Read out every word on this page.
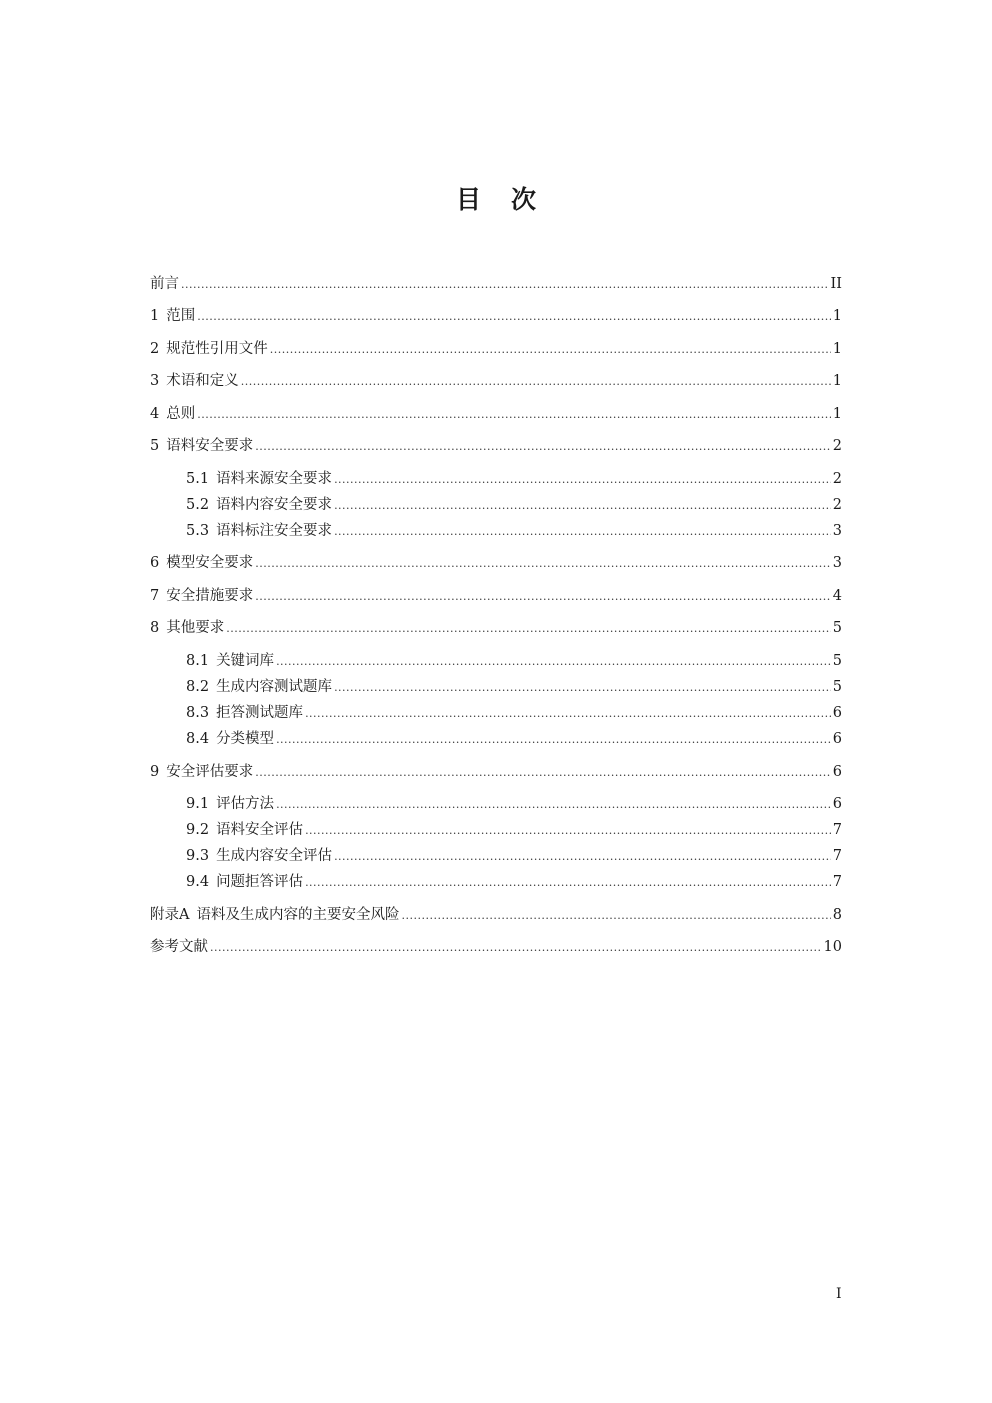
目 次
前言 .....	II
1 范围 .....	1
2 规范性引用文件 .....	1
3 术语和定义 .....	1
4 总则 .....	1
5 语料安全要求 .....	2
5.1 语料来源安全要求 .....	2
5.2 语料内容安全要求 .....	2
5.3 语料标注安全要求 .....	3
6 模型安全要求 .....	3
7 安全措施要求 .....	4
8 其他要求 .....	5
8.1 关键词库 .....	5
8.2 生成内容测试题库 .....	5
8.3 拒答测试题库 .....	6
8.4 分类模型 .....	6
9 安全评估要求 .....	6
9.1 评估方法 .....	6
9.2 语料安全评估 .....	7
9.3 生成内容安全评估 .....	7
9.4 问题拒答评估 .....	7
附录A 语料及生成内容的主要安全风险 .....	8
参考文献 .....	10
I
